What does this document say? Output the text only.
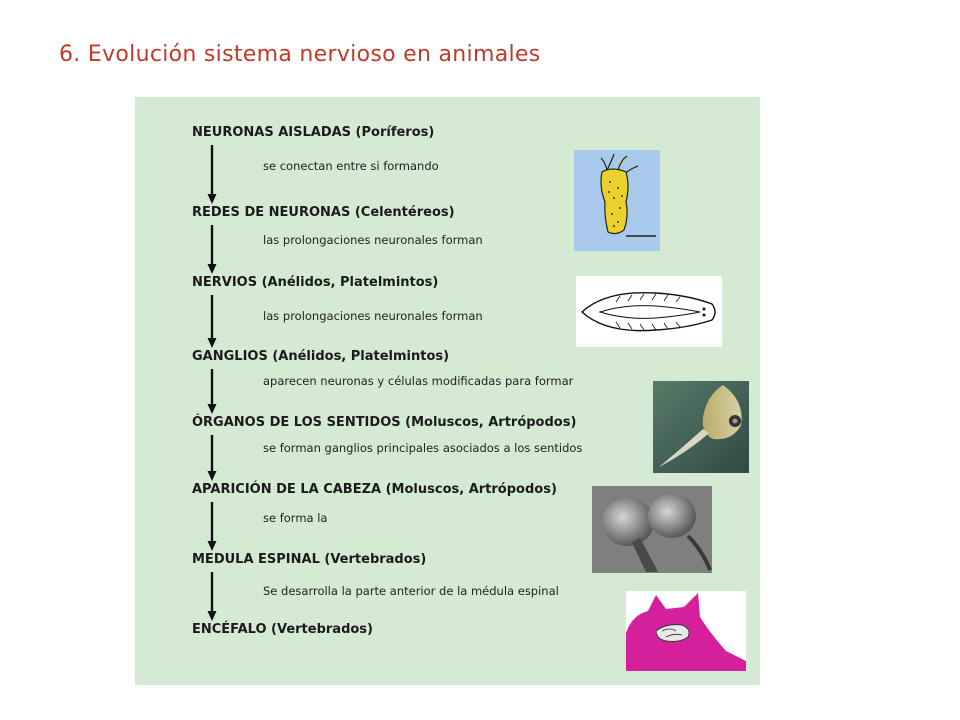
6. Evolución sistema nervioso en animales
NEURONAS AISLADAS (Poríferos)
REDES DE NEURONAS (Celentéreos)
NERVIOS (Anélidos, Platelmintos)
GANGLIOS (Anélidos, Platelmintos)
ÓRGANOS DE LOS SENTIDOS (Moluscos, Artrópodos)
APARICIÓN DE LA CABEZA (Moluscos, Artrópodos)
MEDULA ESPINAL (Vertebrados)
ENCÉFALO (Vertebrados)
se conectan entre si formando
las prolongaciones neuronales forman
las prolongaciones neuronales forman
aparecen neuronas y células modificadas para formar
se forman ganglios principales asociados a los sentidos
se forma la
Se desarrolla la parte anterior de la médula espinal
